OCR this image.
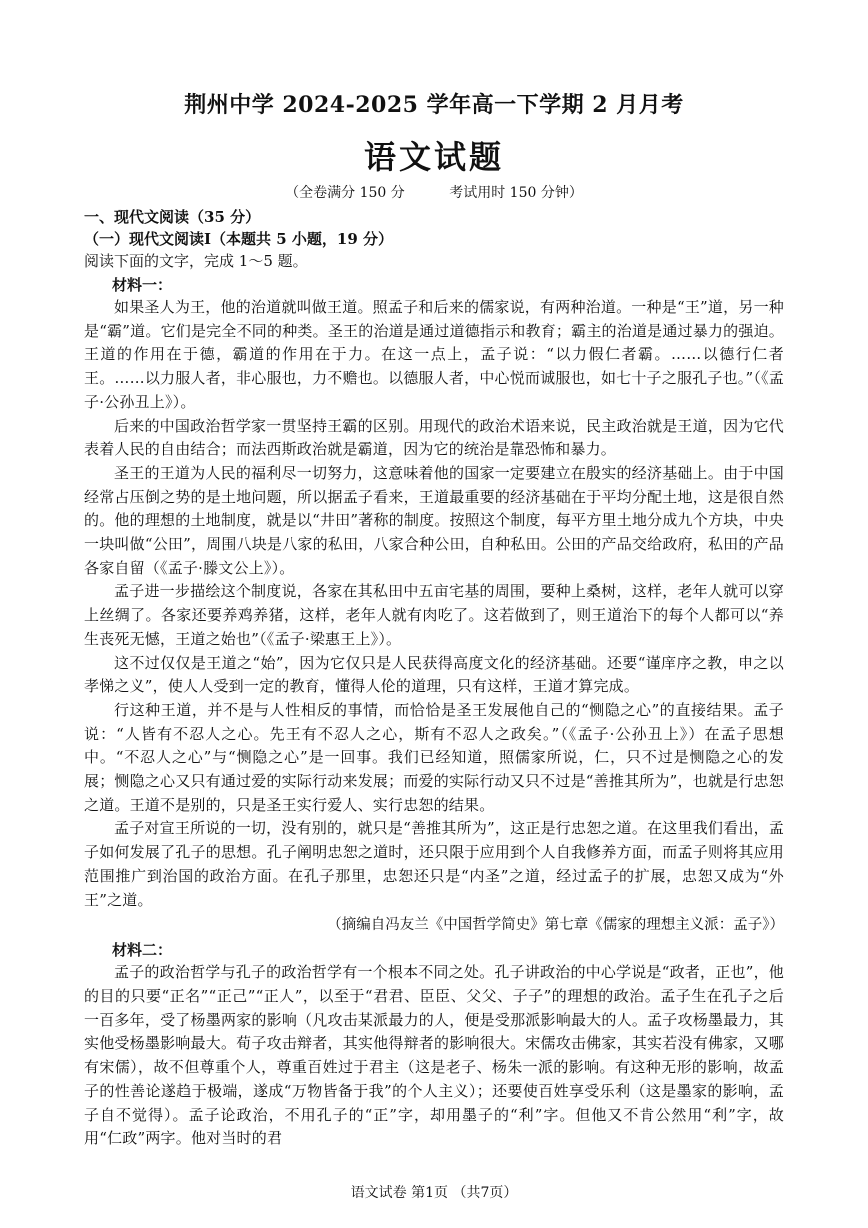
荆州中学 2024-2025 学年高一下学期 2 月月考
语文试题
（全卷满分 150 分	考试用时 150 分钟）
一、现代文阅读（35 分）
（一）现代文阅读Ⅰ（本题共 5 小题，19 分）
阅读下面的文字，完成 1～5 题。
材料一：

如果圣人为王，他的治道就叫做王道。照孟子和后来的儒家说，有两种治道。一种是“王”道，另一种是“霸”道。它们是完全不同的种类。圣王的治道是通过道德指示和教育；霸主的治道是通过暴力的强迫。王道的作用在于德，霸道的作用在于力。在这一点上，孟子说：“以力假仁者霸。……以德行仁者王。……以力服人者，非心服也，力不赡也。以德服人者，中心悦而诚服也，如七十子之服孔子也。”（《孟子·公孙丑上》）。

后来的中国政治哲学家一贯坚持王霸的区别。用现代的政治术语来说，民主政治就是王道，因为它代表着人民的自由结合；而法西斯政治就是霸道，因为它的统治是靠恐怖和暴力。

圣王的王道为人民的福利尽一切努力，这意味着他的国家一定要建立在殷实的经济基础上。由于中国经常占压倒之势的是土地问题，所以据孟子看来，王道最重要的经济基础在于平均分配土地，这是很自然的。他的理想的土地制度，就是以“井田”著称的制度。按照这个制度，每平方里土地分成九个方块，中央一块叫做“公田”，周围八块是八家的私田，八家合种公田，自种私田。公田的产品交给政府，私田的产品各家自留（《孟子·滕文公上》）。

孟子进一步描绘这个制度说，各家在其私田中五亩宅基的周围，要种上桑树，这样，老年人就可以穿上丝绸了。各家还要养鸡养猪，这样，老年人就有肉吃了。这若做到了，则王道治下的每个人都可以“养生丧死无憾，王道之始也”（《孟子·梁惠王上》）。

这不过仅仅是王道之“始”，因为它仅只是人民获得高度文化的经济基础。还要“谨庠序之教，申之以孝悌之义”，使人人受到一定的教育，懂得人伦的道理，只有这样，王道才算完成。

行这种王道，并不是与人性相反的事情，而恰恰是圣王发展他自己的“恻隐之心”的直接结果。孟子说：“人皆有不忍人之心。先王有不忍人之心，斯有不忍人之政矣。”（《孟子·公孙丑上》）在孟子思想中。“不忍人之心”与“恻隐之心”是一回事。我们已经知道，照儒家所说，仁，只不过是恻隐之心的发展；恻隐之心又只有通过爱的实际行动来发展；而爱的实际行动又只不过是“善推其所为”，也就是行忠恕之道。王道不是别的，只是圣王实行爱人、实行忠恕的结果。

孟子对宣王所说的一切，没有别的，就只是“善推其所为”，这正是行忠恕之道。在这里我们看出，孟子如何发展了孔子的思想。孔子阐明忠恕之道时，还只限于应用到个人自我修养方面，而孟子则将其应用范围推广到治国的政治方面。在孔子那里，忠恕还只是“内圣”之道，经过孟子的扩展，忠恕又成为“外王”之道。

（摘编自冯友兰《中国哲学简史》第七章《儒家的理想主义派：孟子》）
材料二：

孟子的政治哲学与孔子的政治哲学有一个根本不同之处。孔子讲政治的中心学说是“政者，正也”，他的目的只要“正名”“正己”“正人”，以至于“君君、臣臣、父父、子子”的理想的政治。孟子生在孔子之后一百多年，受了杨墨两家的影响（凡攻击某派最力的人，便是受那派影响最大的人。孟子攻杨墨最力，其实他受杨墨影响最大。荀子攻击辩者，其实他得辩者的影响很大。宋儒攻击佛家，其实若没有佛家，又哪有宋儒），故不但尊重个人，尊重百姓过于君主（这是老子、杨朱一派的影响。有这种无形的影响，故孟子的性善论遂趋于极端，遂成“万物皆备于我”的个人主义）；还要使百姓享受乐利（这是墨家的影响，孟子自不觉得）。孟子论政治，不用孔子的“正”字，却用墨子的“利”字。但他又不肯公然用“利”字，故用“仁政”两字。他对当时的君

语文试卷 第1页 （共7页）
